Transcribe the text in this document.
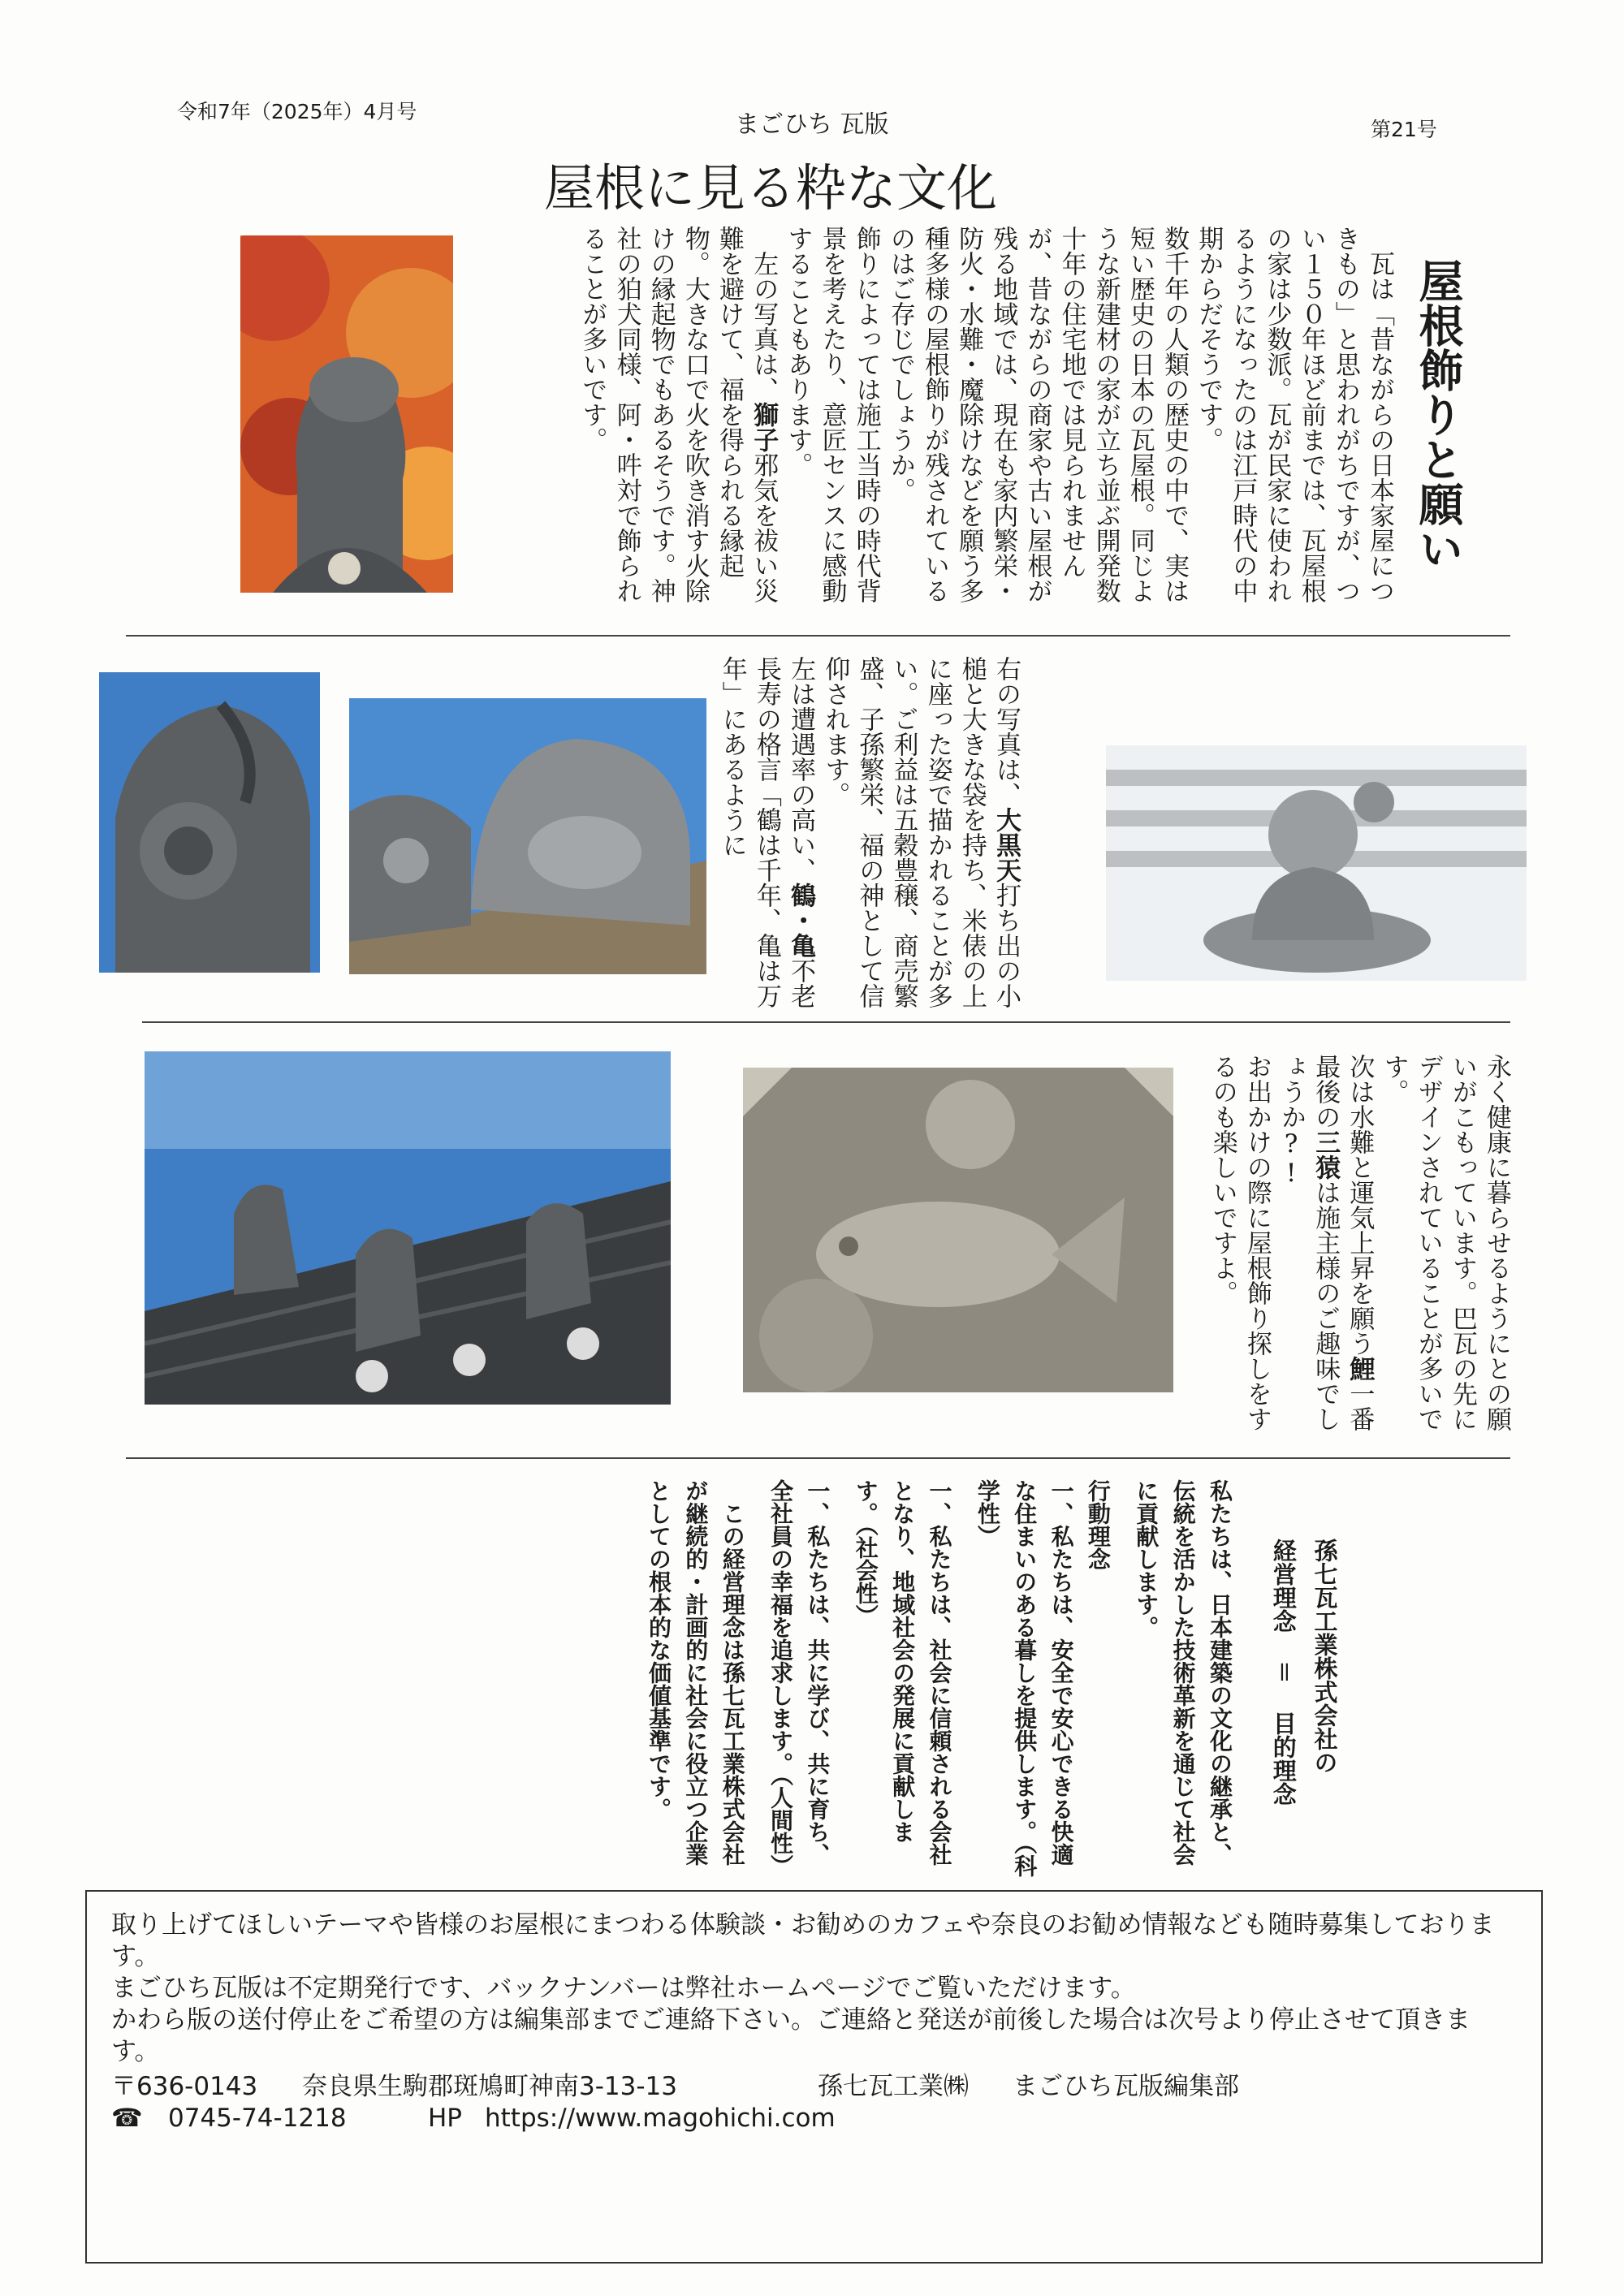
令和7年（2025年）4月号	まごひち 瓦版	第21号
屋根に見る粋な文化
屋根飾りと願い

瓦は「昔ながらの日本家屋につきもの」と思われがちですが、つい１５０年ほど前までは、瓦屋根の家は少数派。瓦が民家に使われるようになったのは江戸時代の中期からだそうです。

数千年の人類の歴史の中で、実は短い歴史の日本の瓦屋根。同じような新建材の家が立ち並ぶ開発数十年の住宅地では見られませんが、昔ながらの商家や古い屋根が残る地域では、現在も家内繁栄・防火・水難・魔除けなどを願う多種多様の屋根飾りが残されているのはご存じでしょうか。

飾りによっては施工当時の時代背景を考えたり、意匠センスに感動することもあります。

左の写真は、獅子邪気を祓い災難を避けて、福を得られる縁起物。大きな口で火を吹き消す火除けの縁起物でもあるそうです。神社の狛犬同様、阿・吽対で飾られることが多いです。

右の写真は、大黒天打ち出の小槌と大きな袋を持ち、米俵の上に座った姿で描かれることが多い。ご利益は五穀豊穣、商売繁盛、子孫繁栄、福の神として信仰されます。

左は遭遇率の高い、鶴・亀不老長寿の格言「鶴は千年、亀は万年」にあるように

永く健康に暮らせるようにとの願いがこもっています。巴瓦の先にデザインされていることが多いです。

次は水難と運気上昇を願う鯉一番最後の三猿は施主様のご趣味でしょうか?!

お出かけの際に屋根飾り探しをするのも楽しいですよ。

孫七瓦工業株式会社の

経営理念 ＝ 目的理念

私たちは、日本建築の文化の継承と、伝統を活かした技術革新を通じて社会に貢献します。

行動理念

一、私たちは、安全で安心できる快適な住まいのある暮しを提供します。（科学性）

一、私たちは、社会に信頼される会社となり、地域社会の発展に貢献します。（社会性）

一、私たちは、共に学び、共に育ち、全社員の幸福を追求します。（人間性）

この経営理念は孫七瓦工業株式会社が継続的・計画的に社会に役立つ企業としての根本的な価値基準です。

取り上げてほしいテーマや皆様のお屋根にまつわる体験談・お勧めのカフェや奈良のお勧め情報なども随時募集しております。

まごひち瓦版は不定期発行です、バックナンバーは弊社ホームページでご覧いただけます。

かわら版の送付停止をご希望の方は編集部までご連絡下さい。ご連絡と発送が前後した場合は次号より停止させて頂きます。

〒636-0143	奈良県生駒郡斑鳩町神南3-13-13	孫七瓦工業㈱	まごひち瓦版編集部
☎	0745-74-1218	HP https://www.magohichi.com
